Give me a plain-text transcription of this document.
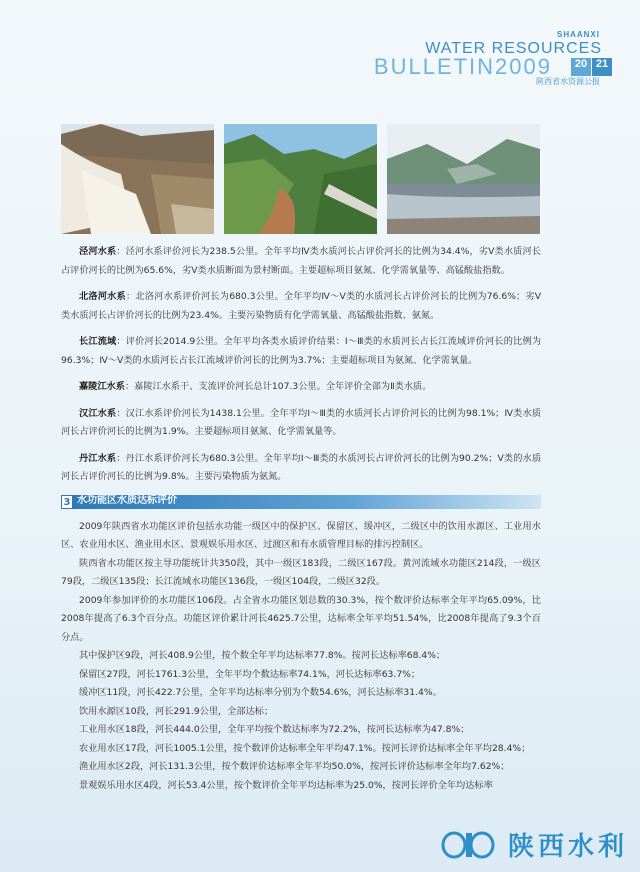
SHAANXI
WATER RESOURCES
BULLETIN2009	20 21
陕西省水资源公报

泾河水系：泾河水系评价河长为238.5公里。全年平均Ⅳ类水质河长占评价河长的比例为34.4%，劣Ⅴ类水质河长占评价河长的比例为65.6%，劣Ⅴ类水质断面为景村断面。主要超标项目氨氮、化学需氧量等、高锰酸盐指数。

北洛河水系：北洛河水系评价河长为680.3公里。全年平均Ⅳ～Ⅴ类的水质河长占评价河长的比例为76.6%；劣Ⅴ类水质河长占评价河长的比例为23.4%。主要污染物质有化学需氧量、高锰酸盐指数、氨氮。

长江流域：评价河长2014.9公里。全年平均各类水质评价结果：Ⅰ～Ⅲ类的水质河长占长江流域评价河长的比例为96.3%；Ⅳ～Ⅴ类的水质河长占长江流域评价河长的比例为3.7%；主要超标项目为氨氮、化学需氧量。

嘉陵江水系：嘉陵江水系干、支流评价河长总计107.3公里。全年评价全部为Ⅱ类水质。

汉江水系：汉江水系评价河长为1438.1公里。全年平均Ⅰ～Ⅲ类的水质河长占评价河长的比例为98.1%；Ⅳ类水质河长占评价河长的比例为1.9%。主要超标项目氨氮、化学需氧量等。

丹江水系：丹江水系评价河长为680.3公里。全年平均Ⅰ～Ⅲ类的水质河长占评价河长的比例为90.2%；Ⅴ类的水质河长占评价河长的比例为9.8%。主要污染物质为氨氮。

3 水功能区水质达标评价

2009年陕西省水功能区评价包括水功能一级区中的保护区、保留区、缓冲区，二级区中的饮用水源区、工业用水区、农业用水区、渔业用水区、景观娱乐用水区、过渡区和有水质管理目标的排污控制区。

陕西省水功能区按主导功能统计共350段，其中一级区183段，二级区167段。黄河流域水功能区214段，一级区79段，二级区135段；长江流域水功能区136段，一级区104段，二级区32段。

2009年参加评价的水功能区106段。占全省水功能区划总数的30.3%，按个数评价达标率全年平均65.09%，比2008年提高了6.3个百分点。功能区评价累计河长4625.7公里，达标率全年平均51.54%，比2008年提高了9.3个百分点。

其中保护区9段，河长408.9公里，按个数全年平均达标率77.8%。按河长达标率68.4%；

保留区27段，河长1761.3公里，全年平均个数达标率74.1%，河长达标率63.7%；

缓冲区11段，河长422.7公里，全年平均达标率分别为个数54.6%，河长达标率31.4%。

饮用水源区10段，河长291.9公里，全部达标；

工业用水区18段，河长444.0公里，全年平均按个数达标率为72.2%，按河长达标率为47.8%；

农业用水区17段，河长1005.1公里，按个数评价达标率全年平均47.1%。按河长评价达标率全年平均28.4%；

渔业用水区2段，河长131.3公里，按个数评价达标率全年平均50.0%，按河长评价达标率全年均7.62%；

景观娱乐用水区4段，河长53.4公里，按个数评价全年平均达标率为25.0%，按河长评价全年均达标率

陕西水利
